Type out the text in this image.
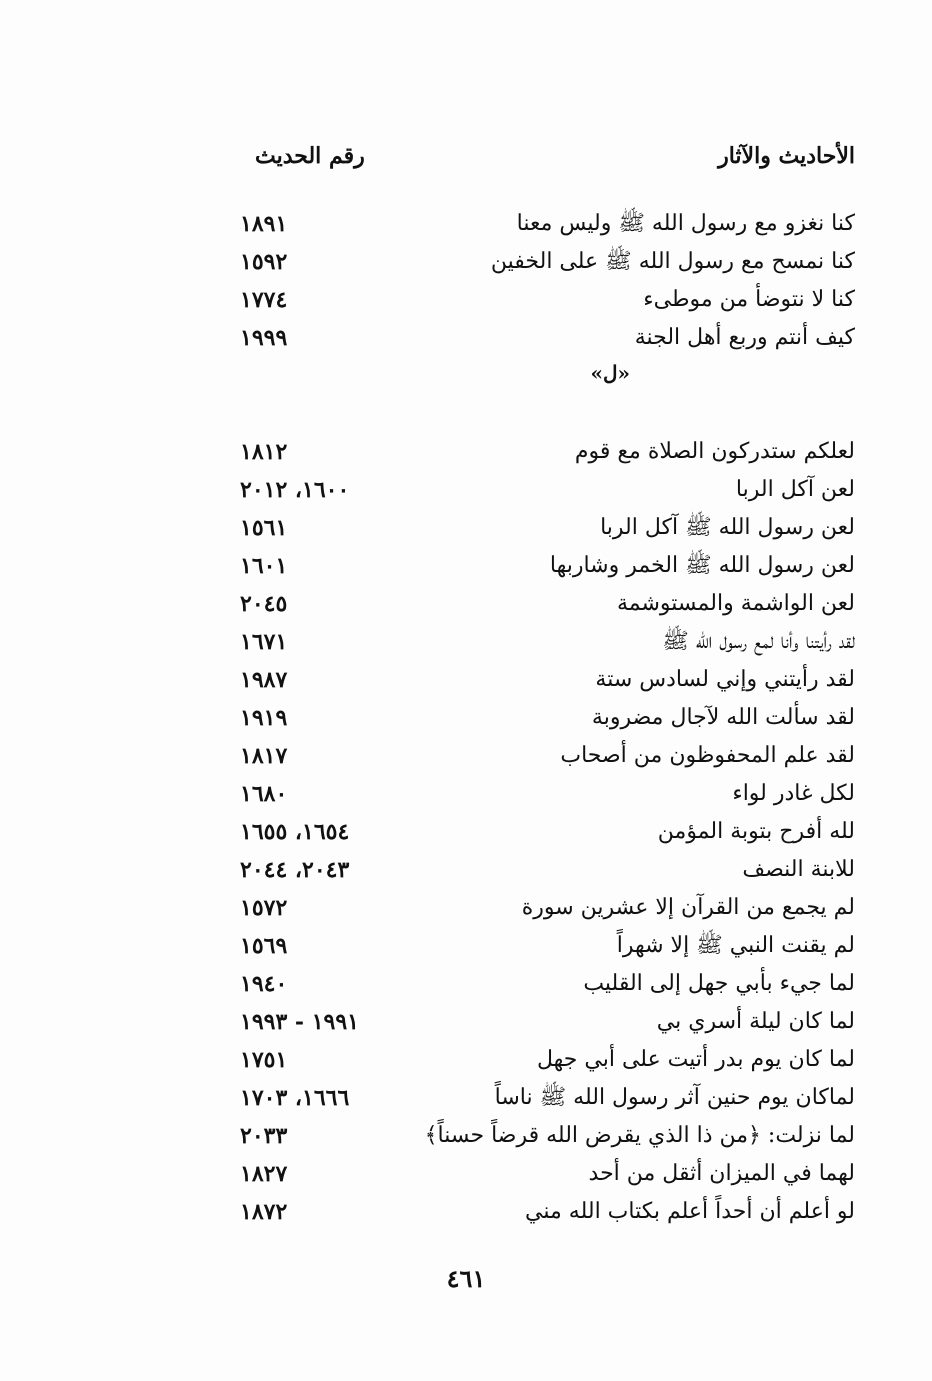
الأحاديث والآثار
رقم الحديث
كنا نغزو مع رسول الله ﷺ وليس معنا
١٨٩١
كنا نمسح مع رسول الله ﷺ على الخفين
١٥٩٢
كنا لا نتوضأ من موطىء
١٧٧٤
كيف أنتم وربع أهل الجنة
١٩٩٩
«ل»
لعلكم ستدركون الصلاة مع قوم
١٨١٢
لعن آكل الربا
١٦٠٠، ٢٠١٢
لعن رسول الله ﷺ آكل الربا
١٥٦١
لعن رسول الله ﷺ الخمر وشاربها
١٦٠١
لعن الواشمة والمستوشمة
٢٠٤٥
لقد رأيتنا وأنا لمع رسول الله ﷺ
١٦٧١
لقد رأيتني وإني لسادس ستة
١٩٨٧
لقد سألت الله لآجال مضروبة
١٩١٩
لقد علم المحفوظون من أصحاب
١٨١٧
لكل غادر لواء
١٦٨٠
لله أفرح بتوبة المؤمن
١٦٥٤، ١٦٥٥
للابنة النصف
٢٠٤٣، ٢٠٤٤
لم يجمع من القرآن إلا عشرين سورة
١٥٧٢
لم يقنت النبي ﷺ إلا شهراً
١٥٦٩
لما جيء بأبي جهل إلى القليب
١٩٤٠
لما كان ليلة أسري بي
١٩٩١ - ١٩٩٣
لما كان يوم بدر أتيت على أبي جهل
١٧٥١
لماكان يوم حنين آثر رسول الله ﷺ ناساً
١٦٦٦، ١٧٠٣
لما نزلت: ﴿من ذا الذي يقرض الله قرضاً حسناً﴾
٢٠٣٣
لهما في الميزان أثقل من أحد
١٨٢٧
لو أعلم أن أحداً أعلم بكتاب الله مني
١٨٧٢
٤٦١
